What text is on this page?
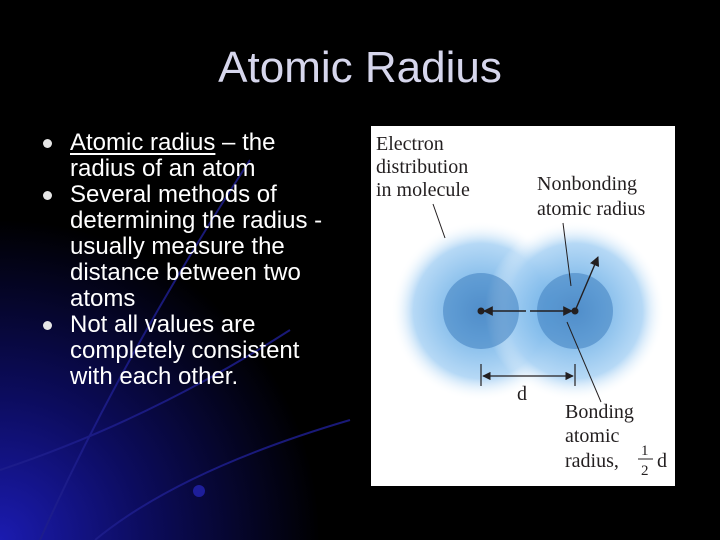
Atomic Radius
Atomic radius – the radius of an atom
Several methods of determining the radius - usually measure the distance between two atoms
Not all values are completely consistent with each other.
Electron distribution in molecule	Nonbonding atomic radius
d
Bonding atomic radius,	1
2 d
